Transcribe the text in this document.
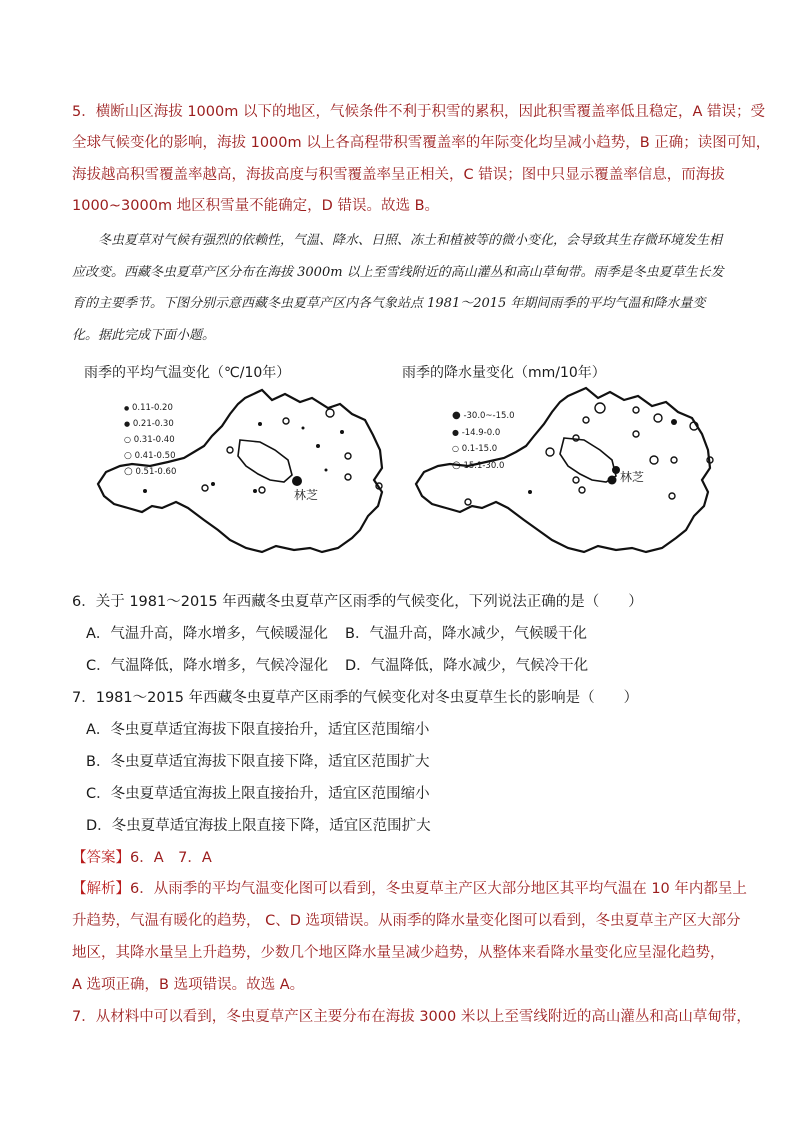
5．横断山区海拔 1000m 以下的地区，气候条件不利于积雪的累积，因此积雪覆盖率低且稳定，A 错误；受
全球气候变化的影响，海拔 1000m 以上各高程带积雪覆盖率的年际变化均呈减小趋势，B 正确；读图可知，
海拔越高积雪覆盖率越高，海拔高度与积雪覆盖率呈正相关，C 错误；图中只显示覆盖率信息，而海拔
1000~3000m 地区积雪量不能确定，D 错误。故选 B。

冬虫夏草对气候有强烈的依赖性，气温、降水、日照、冻土和植被等的微小变化，会导致其生存微环境发生相应改变。西藏冬虫夏草产区分布在海拔 3000m 以上至雪线附近的高山灌丛和高山草甸带。雨季是冬虫夏草生长发育的主要季节。下图分别示意西藏冬虫夏草产区内各气象站点 1981～2015 年期间雨季的平均气温和降水量变化。据此完成下面小题。

雨季的平均气温变化（℃/10年）
● 0.11-0.20
● 0.21-0.30
○ 0.31-0.40
○ 0.41-0.50
○ 0.51-0.60
林芝
雨季的降水量变化（mm/10年）
● -30.0~-15.0
● -14.9-0.0
○ 0.1-15.0
○ 15.1-30.0
林芝
6．关于 1981～2015 年西藏冬虫夏草产区雨季的气候变化，下列说法正确的是（　　）
A．气温升高，降水增多，气候暖湿化 B．气温升高，降水减少，气候暖干化
C．气温降低，降水增多，气候冷湿化 D．气温降低，降水减少，气候冷干化
7．1981～2015 年西藏冬虫夏草产区雨季的气候变化对冬虫夏草生长的影响是（　　）
A．冬虫夏草适宜海拔下限直接抬升，适宜区范围缩小
B．冬虫夏草适宜海拔下限直接下降，适宜区范围扩大
C．冬虫夏草适宜海拔上限直接抬升，适宜区范围缩小
D．冬虫夏草适宜海拔上限直接下降，适宜区范围扩大
【答案】6．A　7．A
【解析】6．从雨季的平均气温变化图可以看到，冬虫夏草主产区大部分地区其平均气温在 10 年内都呈上
升趋势，气温有暖化的趋势， C、D 选项错误。从雨季的降水量变化图可以看到，冬虫夏草主产区大部分
地区，其降水量呈上升趋势，少数几个地区降水量呈减少趋势，从整体来看降水量变化应呈湿化趋势，
A 选项正确，B 选项错误。故选 A。
7．从材料中可以看到，冬虫夏草产区主要分布在海拔 3000 米以上至雪线附近的高山灌丛和高山草甸带，
